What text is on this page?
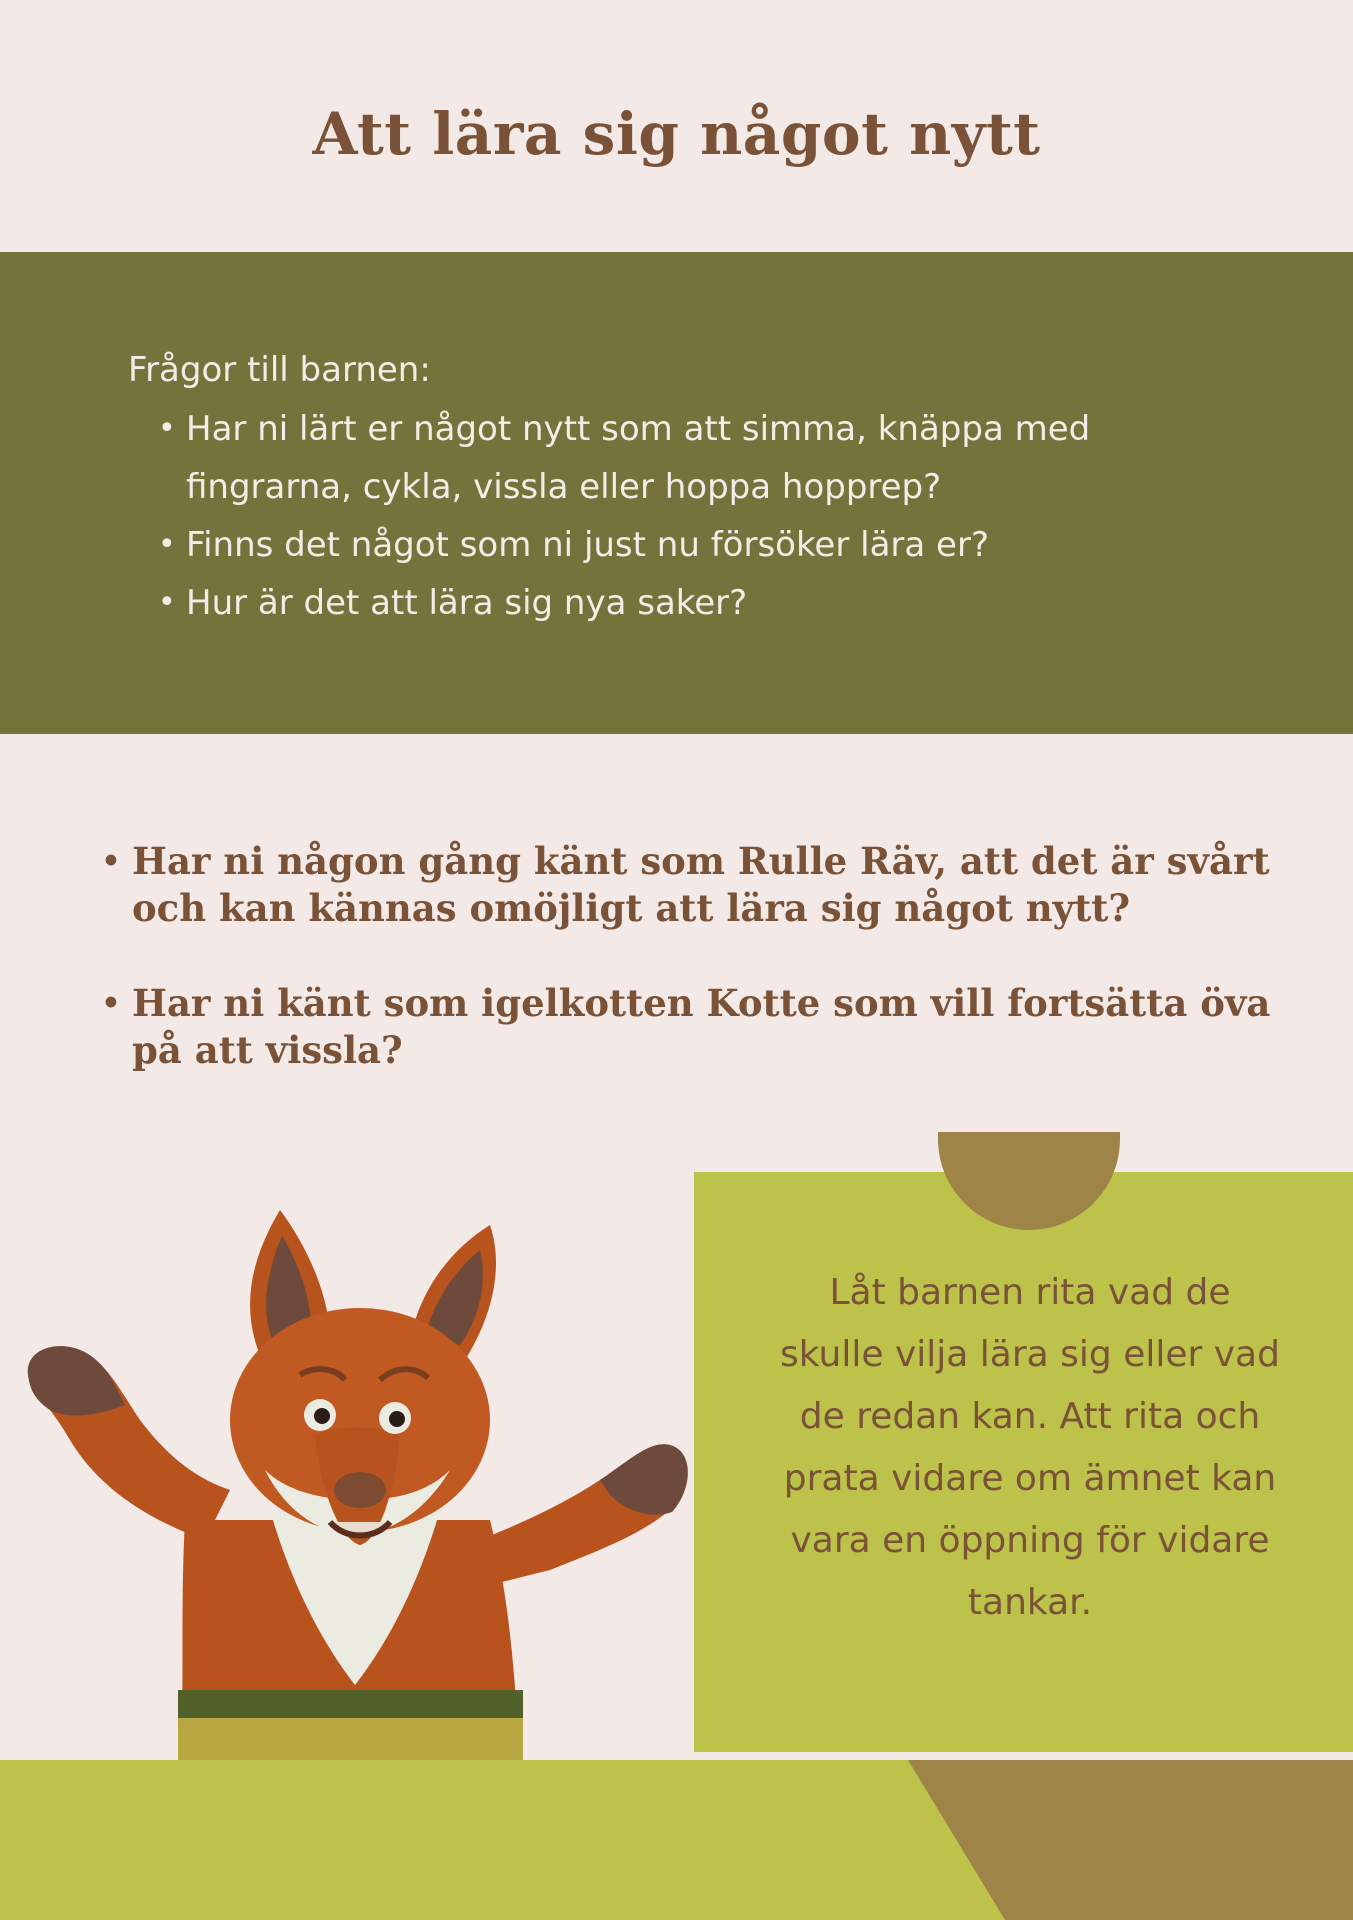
Att lära sig något nytt

Frågor till barnen:

• Har ni lärt er något nytt som att simma, knäppa med fingrarna, cykla, vissla eller hoppa hopprep?
• Finns det något som ni just nu försöker lära er?
• Hur är det att lära sig nya saker?
• Har ni någon gång känt som Rulle Räv, att det är svårt och kan kännas omöjligt att lära sig något nytt?
• Har ni känt som igelkotten Kotte som vill fortsätta öva på att vissla?

Låt barnen rita vad de skulle vilja lära sig eller vad de redan kan. Att rita och prata vidare om ämnet kan vara en öppning för vidare tankar.
